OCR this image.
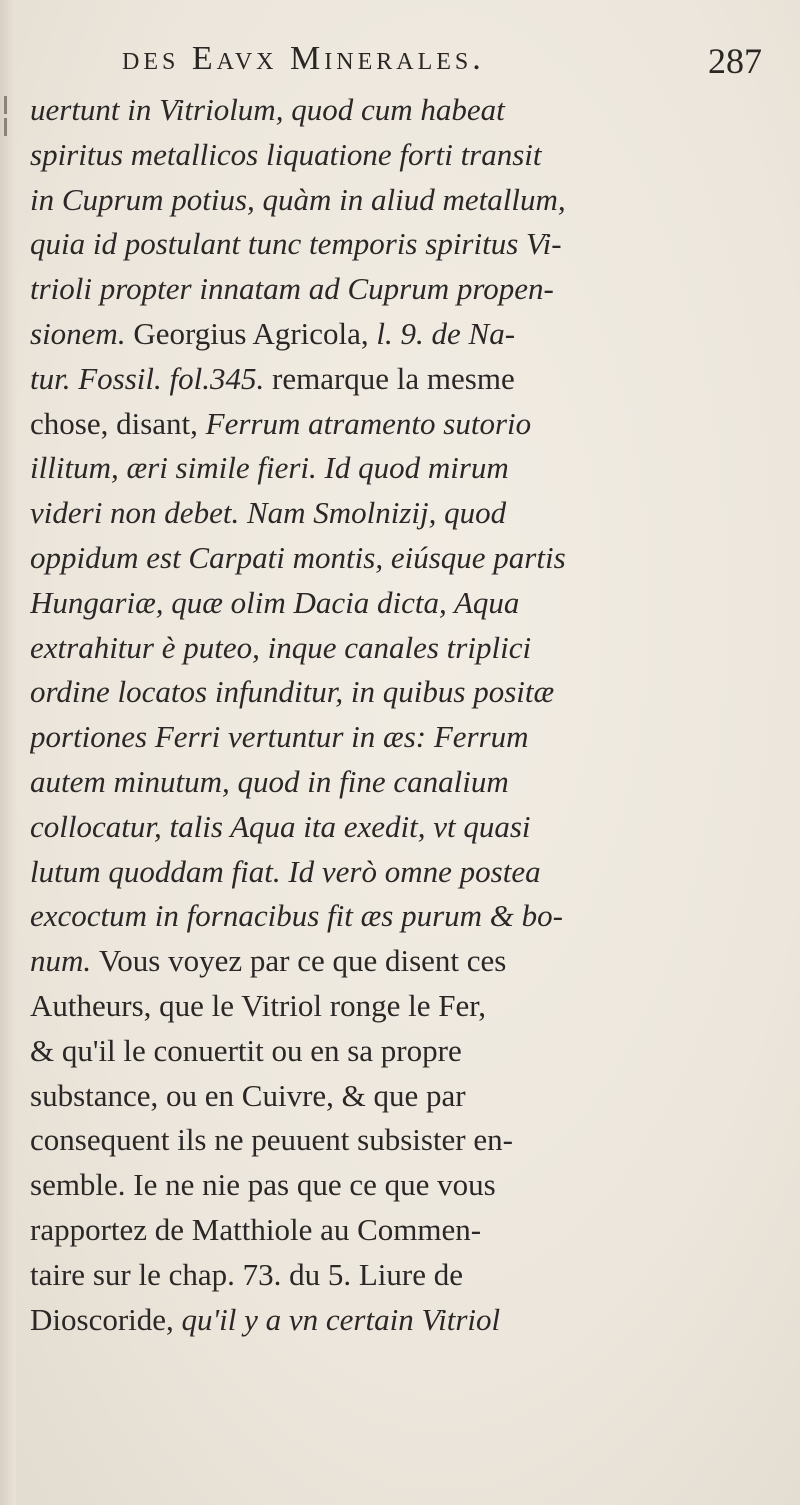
des Eavx Minerales.	287
uertunt in Vitriolum, quod cum habeat
spiritus metallicos liquatione forti transit
in Cuprum potius, quàm in aliud metallum,
quia id postulant tunc temporis spiritus Vi-
trioli propter innatam ad Cuprum propen-
sionem. Georgius Agricola, l. 9. de Na-
tur. Fossil. fol.345. remarque la mesme
chose, disant, Ferrum atramento sutorio
illitum, æri simile fieri. Id quod mirum
videri non debet. Nam Smolnizij, quod
oppidum est Carpati montis, eiúsque partis
Hungariæ, quæ olim Dacia dicta, Aqua
extrahitur è puteo, inque canales triplici
ordine locatos infunditur, in quibus positæ
portiones Ferri vertuntur in æs: Ferrum
autem minutum, quod in fine canalium
collocatur, talis Aqua ita exedit, vt quasi
lutum quoddam fiat. Id verò omne postea
excoctum in fornacibus fit æs purum & bo-
num. Vous voyez par ce que disent ces
Autheurs, que le Vitriol ronge le Fer,
& qu'il le conuertit ou en sa propre
substance, ou en Cuivre, & que par
consequent ils ne peuuent subsister en-
semble. Ie ne nie pas que ce que vous
rapportez de Matthiole au Commen-
taire sur le chap. 73. du 5. Liure de
Dioscoride, qu'il y a vn certain Vitriol
